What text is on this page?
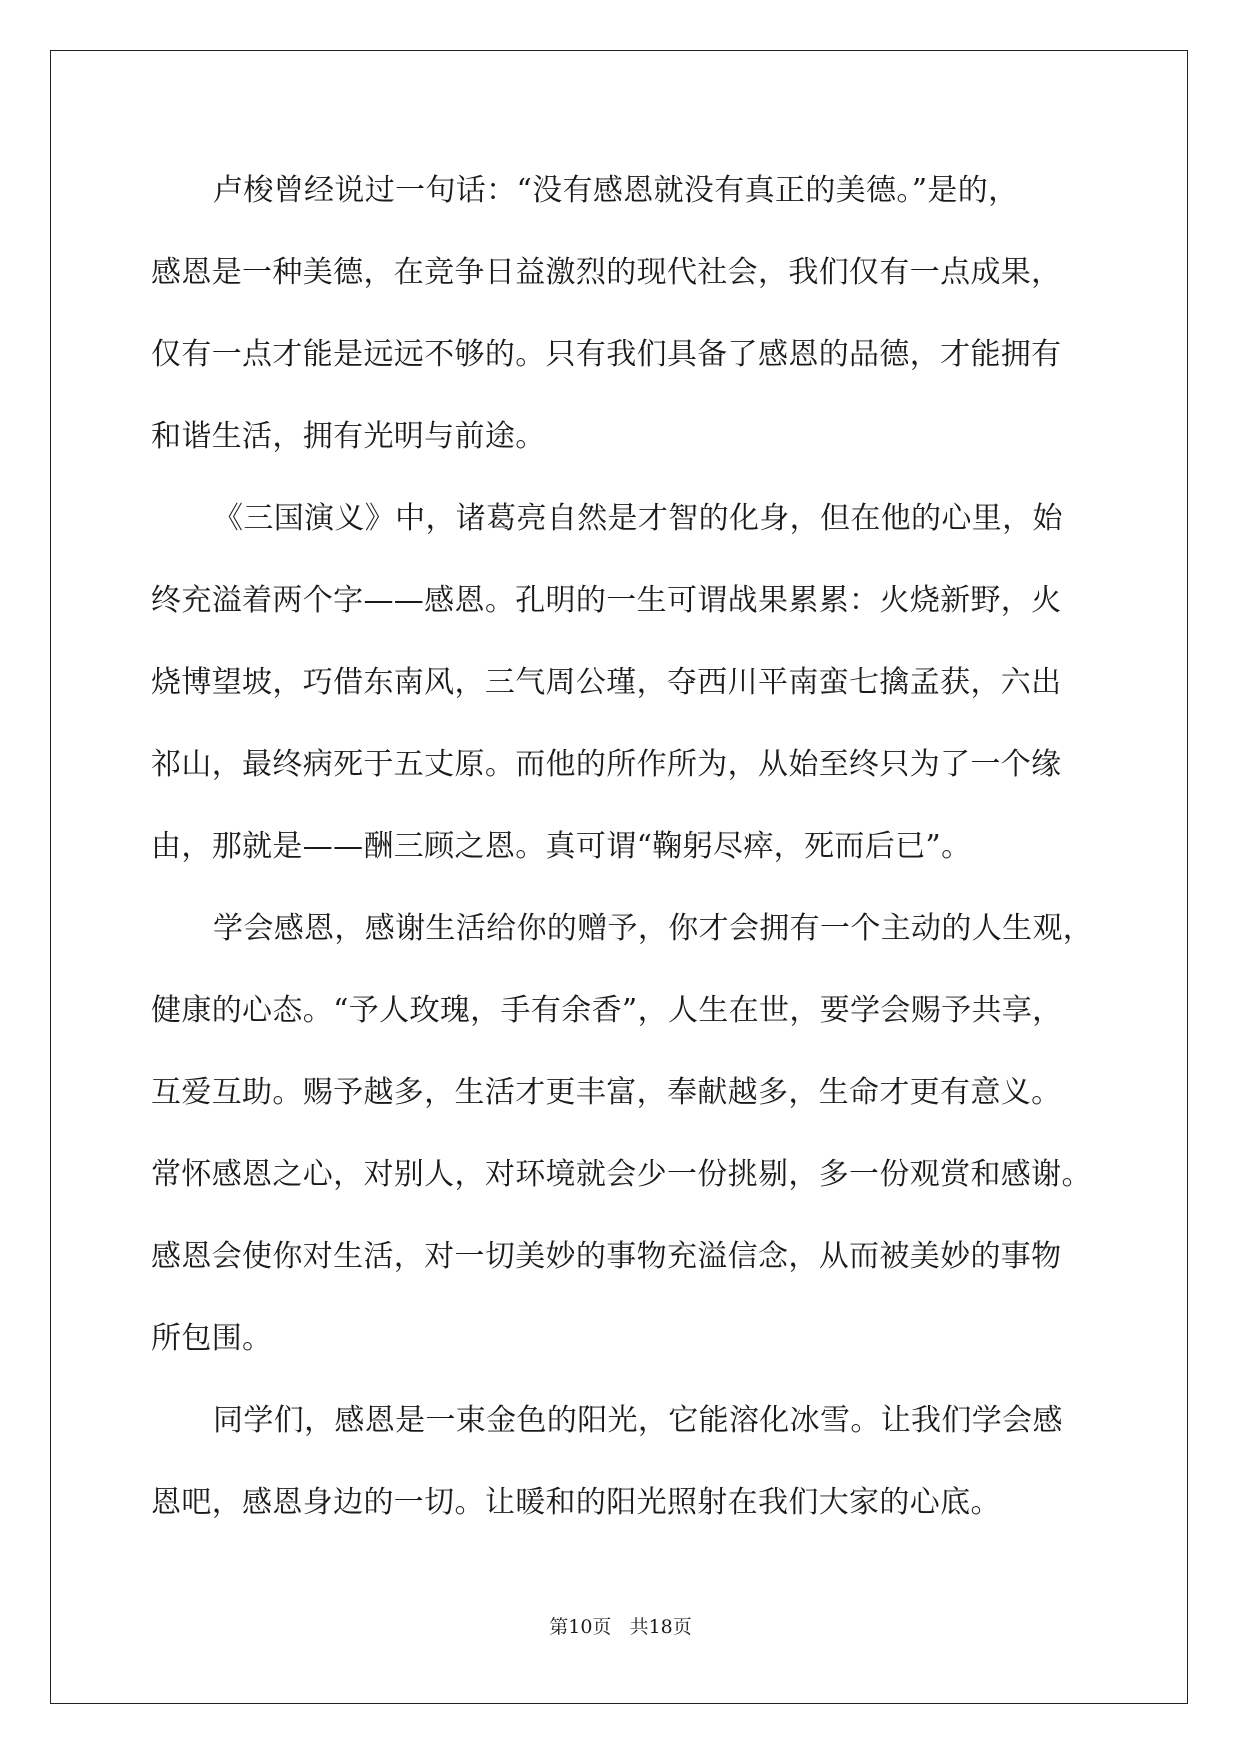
卢梭曾经说过一句话：“没有感恩就没有真正的美德。”是的，
感恩是一种美德，在竞争日益激烈的现代社会，我们仅有一点成果，
仅有一点才能是远远不够的。只有我们具备了感恩的品德，才能拥有
和谐生活，拥有光明与前途。
《三国演义》中，诸葛亮自然是才智的化身，但在他的心里，始
终充溢着两个字——感恩。孔明的一生可谓战果累累：火烧新野，火
烧博望坡，巧借东南风，三气周公瑾，夺西川平南蛮七擒孟获，六出
祁山，最终病死于五丈原。而他的所作所为，从始至终只为了一个缘
由，那就是——酬三顾之恩。真可谓“鞠躬尽瘁，死而后已”。
学会感恩，感谢生活给你的赠予，你才会拥有一个主动的人生观，
健康的心态。“予人玫瑰，手有余香”，人生在世，要学会赐予共享，
互爱互助。赐予越多，生活才更丰富，奉献越多，生命才更有意义。
常怀感恩之心，对别人，对环境就会少一份挑剔，多一份观赏和感谢。
感恩会使你对生活，对一切美妙的事物充溢信念，从而被美妙的事物
所包围。
同学们，感恩是一束金色的阳光，它能溶化冰雪。让我们学会感
恩吧，感恩身边的一切。让暖和的阳光照射在我们大家的心底。
第10页 共18页
